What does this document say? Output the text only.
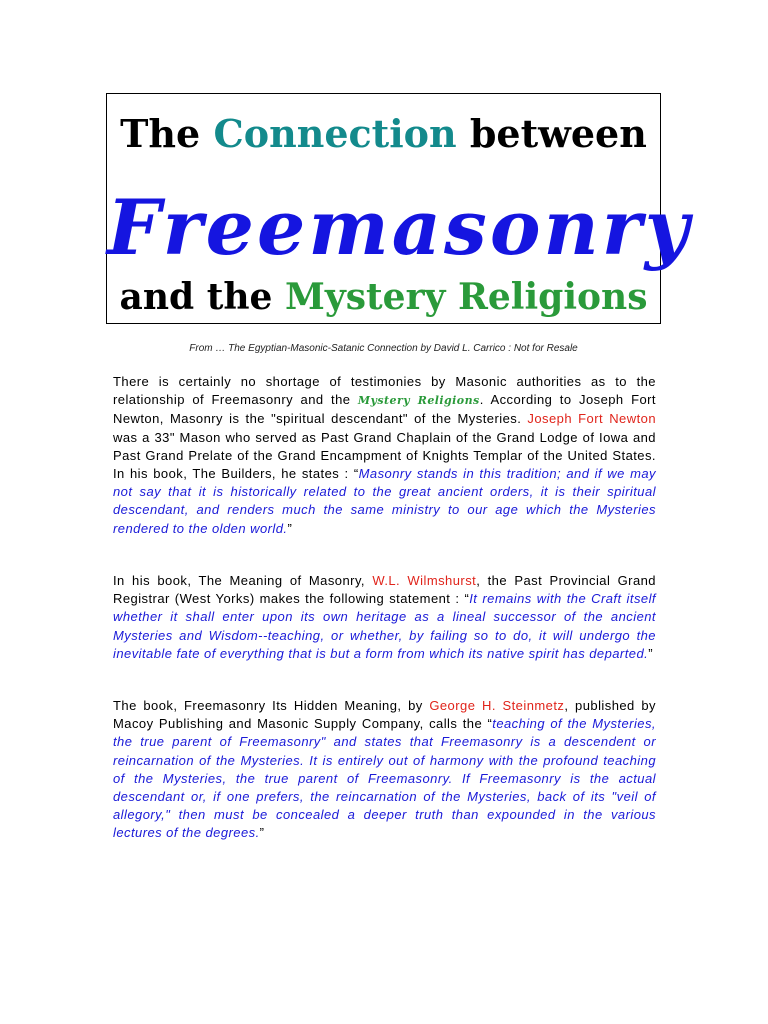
The Connection between
Freemasonry
and the Mystery Religions
From … The Egyptian-Masonic-Satanic Connection by David L. Carrico : Not for Resale
There is certainly no shortage of testimonies by Masonic authorities as to the relationship of Freemasonry and the Mystery Religions. According to Joseph Fort Newton, Masonry is the "spiritual descendant" of the Mysteries. Joseph Fort Newton was a 33" Mason who served as Past Grand Chaplain of the Grand Lodge of Iowa and Past Grand Prelate of the Grand Encampment of Knights Templar of the United States. In his book, The Builders, he states : “Masonry stands in this tradition; and if we may not say that it is historically related to the great ancient orders, it is their spiritual descendant, and renders much the same ministry to our age which the Mysteries rendered to the olden world.”
In his book, The Meaning of Masonry, W.L. Wilmshurst, the Past Provincial Grand Registrar (West Yorks) makes the following statement : “It remains with the Craft itself whether it shall enter upon its own heritage as a lineal successor of the ancient Mysteries and Wisdom--teaching, or whether, by failing so to do, it will undergo the inevitable fate of everything that is but a form from which its native spirit has departed.”
The book, Freemasonry Its Hidden Meaning, by George H. Steinmetz, published by Macoy Publishing and Masonic Supply Company, calls the “teaching of the Mysteries, the true parent of Freemasonry" and states that Freemasonry is a descendent or reincarnation of the Mysteries. It is entirely out of harmony with the profound teaching of the Mysteries, the true parent of Freemasonry. If Freemasonry is the actual descendant or, if one prefers, the reincarnation of the Mysteries, back of its "veil of allegory," then must be concealed a deeper truth than expounded in the various lectures of the degrees.”
